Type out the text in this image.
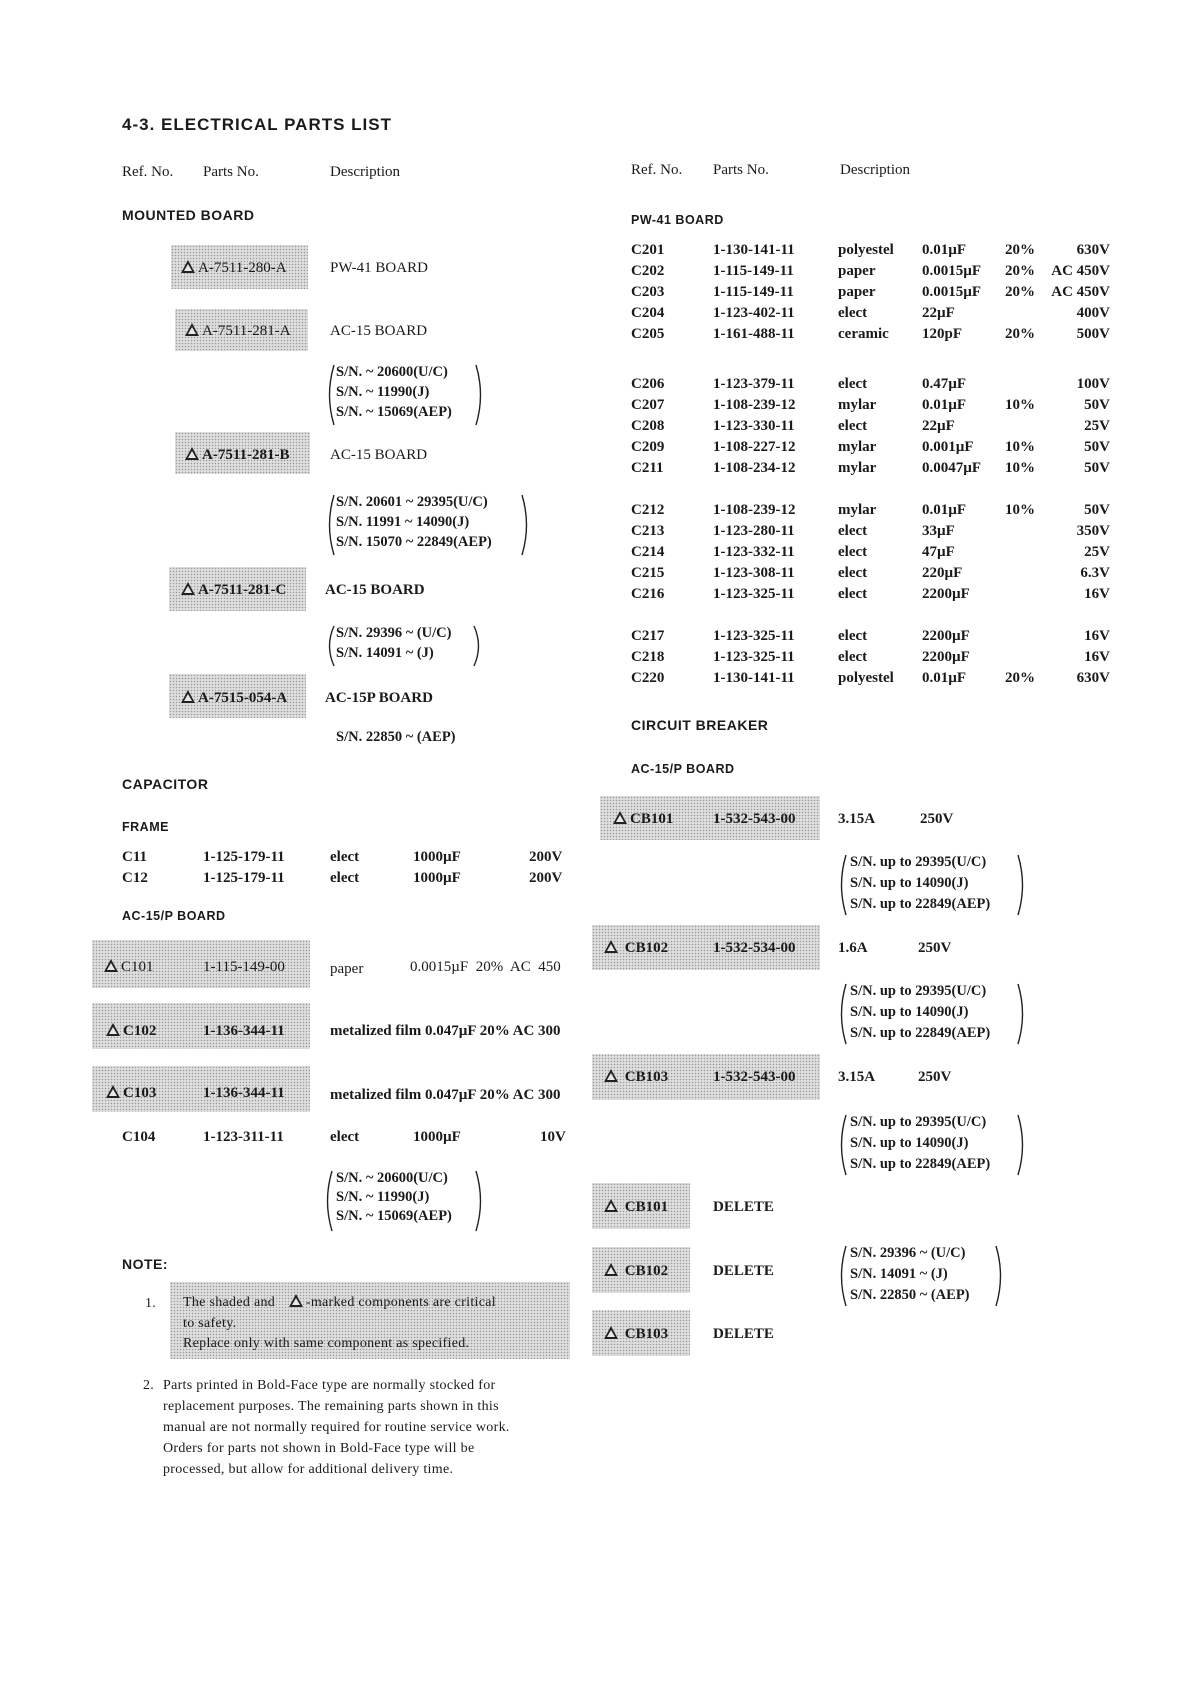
4-3. ELECTRICAL PARTS LIST
Ref. No. Parts No.	Description
MOUNTED BOARD
A-7511-280-A	PW-41 BOARD
A-7511-281-A	AC-15 BOARD
S/N. ~ 20600(U/C)
S/N. ~ 11990(J)
S/N. ~ 15069(AEP)
A-7511-281-B	AC-15 BOARD
S/N. 20601 ~ 29395(U/C)
S/N. 11991 ~ 14090(J)
S/N. 15070 ~ 22849(AEP)
A-7511-281-C	AC-15 BOARD
S/N. 29396 ~ (U/C)
S/N. 14091 ~ (J)
A-7515-054-A	AC-15P BOARD
S/N. 22850 ~ (AEP)
CAPACITOR
FRAME
C11	1-125-179-11	elect	1000µF	200V
C12	1-125-179-11	elect	1000µF	200V
AC-15/P BOARD
C101	1-115-149-00	paper	0.0015µF  20%  AC  450
C102	1-136-344-11	metalized film 0.047µF 20% AC 300
C103	1-136-344-11	metalized film 0.047µF 20% AC 300
C104	1-123-311-11	elect	1000µF	10V
S/N. ~ 20600(U/C)
S/N. ~ 11990(J)
S/N. ~ 15069(AEP)
NOTE:
1. The shaded and -marked components are critical
to safety.
Replace only with same component as specified.
2. Parts printed in Bold-Face type are normally stocked for
replacement purposes. The remaining parts shown in this
manual are not normally required for routine service work.
Orders for parts not shown in Bold-Face type will be
processed, but allow for additional delivery time.
Ref. No. Parts No.	Description
PW-41 BOARD
C201	1-130-141-11	polyestel 0.01µF	20%	630V
C202	1-115-149-11	paper	0.0015µF 20% AC 450V
C203	1-115-149-11	paper	0.0015µF 20% AC 450V
C204	1-123-402-11	elect	22µF	400V
C205	1-161-488-11	ceramic 120pF	20%	500V
C206	1-123-379-11	elect	0.47µF	100V
C207	1-108-239-12	mylar	0.01µF	10%	50V
C208	1-123-330-11	elect	22µF	25V
C209	1-108-227-12	mylar	0.001µF 10%	50V
C211	1-108-234-12	mylar	0.0047µF 10%	50V
C212	1-108-239-12	mylar	0.01µF	10%	50V
C213	1-123-280-11	elect	33µF	350V
C214	1-123-332-11	elect	47µF	25V
C215	1-123-308-11	elect	220µF	6.3V
C216	1-123-325-11	elect	2200µF	16V
C217	1-123-325-11	elect	2200µF	16V
C218	1-123-325-11	elect	2200µF	16V
C220	1-130-141-11	polyestel 0.01µF	20%	630V
CIRCUIT BREAKER
AC-15/P BOARD
CB101	1-532-543-00	3.15A	250V
S/N. up to 29395(U/C)
S/N. up to 14090(J)
S/N. up to 22849(AEP)
CB102	1-532-534-00	1.6A	250V
S/N. up to 29395(U/C)
S/N. up to 14090(J)
S/N. up to 22849(AEP)
CB103	1-532-543-00	3.15A	250V
S/N. up to 29395(U/C)
S/N. up to 14090(J)
S/N. up to 22849(AEP)
CB101	DELETE
CB102	DELETE
CB103	DELETE
S/N. 29396 ~ (U/C)
S/N. 14091 ~ (J)
S/N. 22850 ~ (AEP)
